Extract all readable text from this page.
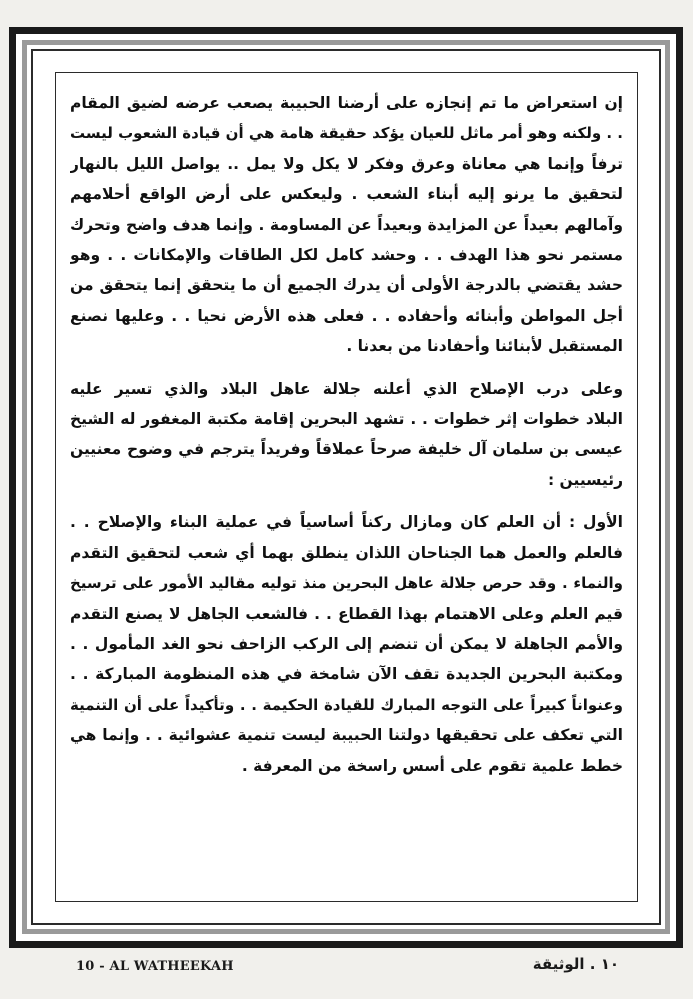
إن استعراض ما تم إنجازه على أرضنا الحبيبة يصعب عرضه لضيق المقام
. . ولكنه وهو أمر ماثل للعيان يؤكد حقيقة هامة هي أن قيادة الشعوب ليست
ترفاً وإنما هي معاناة وعرق وفكر لا يكل ولا يمل .. يواصل الليل بالنهار
لتحقيق ما يرنو إليه أبناء الشعب . وليعكس على أرض الواقع أحلامهم
وآمالهم بعيداً عن المزايدة وبعيداً عن المساومة . وإنما هدف واضح وتحرك
مستمر نحو هذا الهدف . . وحشد كامل لكل الطاقات والإمكانات . . وهو
حشد يقتضي بالدرجة الأولى أن يدرك الجميع أن ما يتحقق إنما يتحقق من
أجل المواطن وأبنائه وأحفاده . . فعلى هذه الأرض نحيا . . وعليها نصنع
المستقبل لأبنائنا وأحفادنا من بعدنا .
وعلى درب الإصلاح الذي أعلنه جلالة عاهل البلاد والذي تسير عليه
البلاد خطوات إثر خطوات . . تشهد البحرين إقامة مكتبة المغفور له الشيخ
عيسى بن سلمان آل خليفة صرحاً عملاقاً وفريداً يترجم في وضوح معنيين
رئيسيين :
الأول : أن العلم كان ومازال ركناً أساسياً في عملية البناء والإصلاح . .
فالعلم والعمل هما الجناحان اللذان ينطلق بهما أي شعب لتحقيق التقدم
والنماء . وقد حرص جلالة عاهل البحرين منذ توليه مقاليد الأمور على ترسيخ
قيم العلم وعلى الاهتمام بهذا القطاع . . فالشعب الجاهل لا يصنع التقدم
والأمم الجاهلة لا يمكن أن تنضم إلى الركب الزاحف نحو الغد المأمول . .
ومكتبة البحرين الجديدة تقف الآن شامخة في هذه المنظومة المباركة . .
وعنواناً كبيراً على التوجه المبارك للقيادة الحكيمة . . وتأكيداً على أن التنمية
التي تعكف على تحقيقها دولتنا الحبيبة ليست تنمية عشوائية . . وإنما هي
خطط علمية تقوم على أسس راسخة من المعرفة .
10 - AL WATHEEKAH	١٠ . الوثيقة
